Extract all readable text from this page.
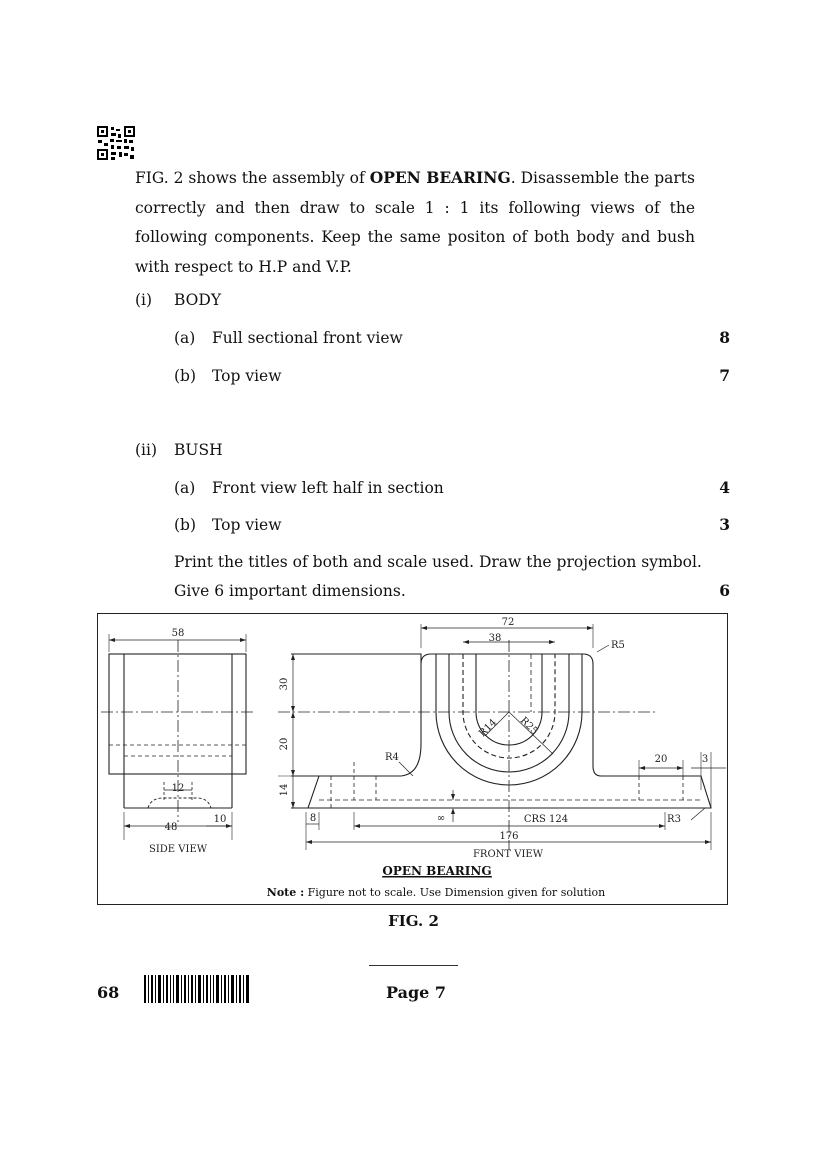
FIG. 2 shows the assembly of OPEN BEARING. Disassemble the parts correctly and then draw to scale 1 : 1 its following views of the following components. Keep the same positon of both body and bush with respect to H.P and V.P.
(i) BODY
(a) Full sectional front view	8
(b) Top view	7
(ii) BUSH
(a) Front view left half in section	4
(b) Top view	3
Print the titles of both and scale used. Draw the projection symbol.
Give 6 important dimensions.	6
58
12
48
10
72
38
R5
30
20
14
R14 R25
R4	20	3
8	∞	CRS 124	R3
176
SIDE VIEW	FRONT VIEW
OPEN BEARING
Note : Figure not to scale. Use Dimension given for solution
FIG. 2
68	Page 7
